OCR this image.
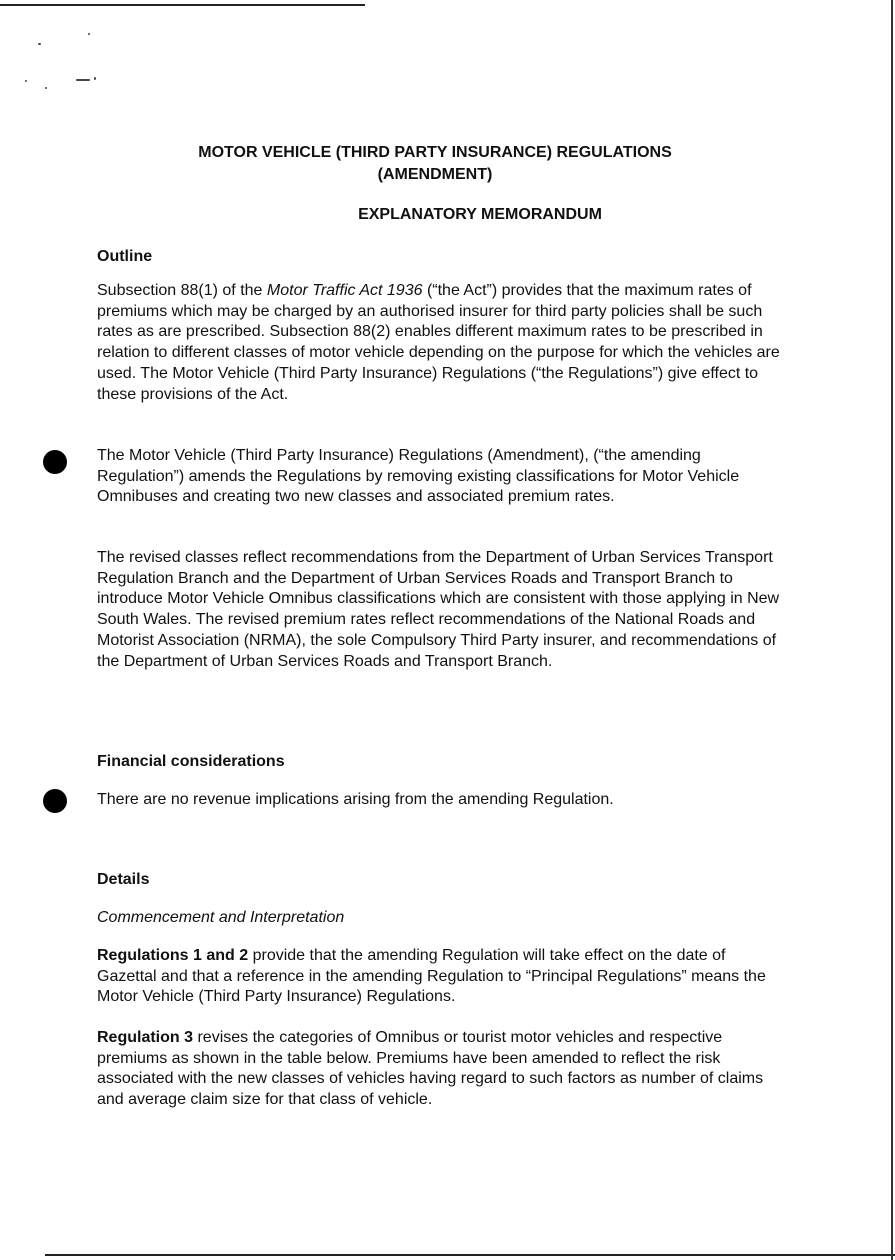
MOTOR VEHICLE (THIRD PARTY INSURANCE) REGULATIONS
(AMENDMENT)
EXPLANATORY MEMORANDUM
Outline
Subsection 88(1) of the Motor Traffic Act 1936 (“the Act”) provides that the maximum rates of premiums which may be charged by an authorised insurer for third party policies shall be such rates as are prescribed. Subsection 88(2) enables different maximum rates to be prescribed in relation to different classes of motor vehicle depending on the purpose for which the vehicles are used. The Motor Vehicle (Third Party Insurance) Regulations (“the Regulations”) give effect to these provisions of the Act.
The Motor Vehicle (Third Party Insurance) Regulations (Amendment), (“the amending Regulation”) amends the Regulations by removing existing classifications for Motor Vehicle Omnibuses and creating two new classes and associated premium rates.
The revised classes reflect recommendations from the Department of Urban Services Transport Regulation Branch and the Department of Urban Services Roads and Transport Branch to introduce Motor Vehicle Omnibus classifications which are consistent with those applying in New South Wales. The revised premium rates reflect recommendations of the National Roads and Motorist Association (NRMA), the sole Compulsory Third Party insurer, and recommendations of the Department of Urban Services Roads and Transport Branch.
Financial considerations
There are no revenue implications arising from the amending Regulation.
Details
Commencement and Interpretation
Regulations 1 and 2 provide that the amending Regulation will take effect on the date of Gazettal and that a reference in the amending Regulation to “Principal Regulations” means the Motor Vehicle (Third Party Insurance) Regulations.
Regulation 3 revises the categories of Omnibus or tourist motor vehicles and respective premiums as shown in the table below. Premiums have been amended to reflect the risk associated with the new classes of vehicles having regard to such factors as number of claims and average claim size for that class of vehicle.
